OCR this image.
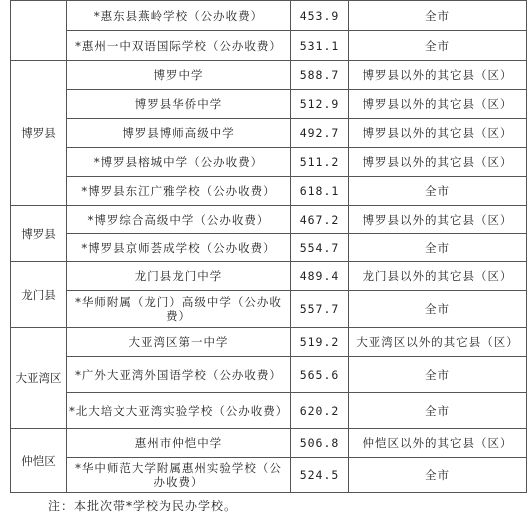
	*惠东县燕岭学校（公办收费）	453.9	全市
	*惠州一中双语国际学校（公办收费）	531.1	全市
博罗县	博罗中学	588.7	博罗县以外的其它县（区）
	博罗县华侨中学	512.9	博罗县以外的其它县（区）
	博罗县博师高级中学	492.7	博罗县以外的其它县（区）
	*博罗县榕城中学（公办收费）	511.2	博罗县以外的其它县（区）
	*博罗县东江广雅学校（公办收费）	618.1	全市
博罗县	*博罗综合高级中学（公办收费）	467.2	博罗县以外的其它县（区）
	*博罗县京师荟成学校（公办收费）	554.7	全市
龙门县	龙门县龙门中学	489.4	龙门县以外的其它县（区）
	*华师附属（龙门）高级中学（公办收费）	557.7	全市
大亚湾区	大亚湾区第一中学	519.2	大亚湾区以外的其它县（区）
	*广外大亚湾外国语学校（公办收费）	565.6	全市
	*北大培文大亚湾实验学校（公办收费）	620.2	全市
仲恺区	惠州市仲恺中学	506.8	仲恺区以外的其它县（区）
	*华中师范大学附属惠州实验学校（公办收费）	524.5	全市
注：本批次带*学校为民办学校。
